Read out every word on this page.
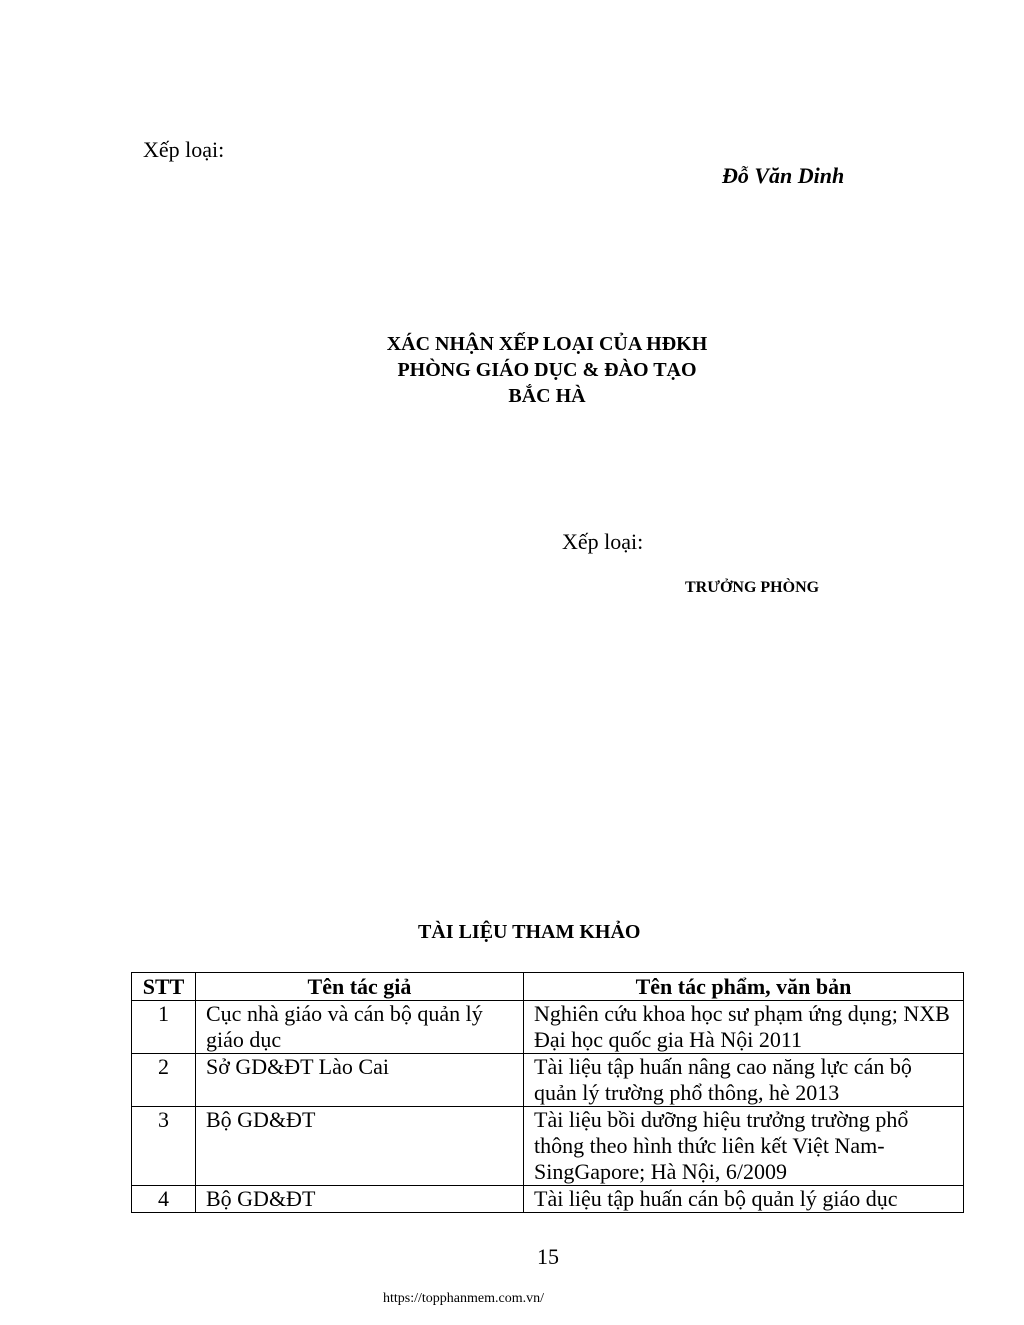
Xếp loại:
Đỗ Văn Dinh
XÁC NHẬN XẾP LOẠI CỦA HĐKH
PHÒNG GIÁO DỤC & ĐÀO TẠO
BẮC HÀ
Xếp loại:
TRƯỞNG PHÒNG
TÀI LIỆU THAM KHẢO
STT	Tên tác giả	Tên tác phẩm, văn bản
1	Cục nhà giáo và cán bộ quản lý giáo dục	Nghiên cứu khoa học sư phạm ứng dụng; NXB Đại học quốc gia Hà Nội 2011
2	Sở GD&ĐT Lào Cai	Tài liệu tập huấn nâng cao năng lực cán bộ quản lý trường phổ thông, hè 2013
3	Bộ GD&ĐT	Tài liệu bồi dưỡng hiệu trưởng trường phổ thông theo hình thức liên kết Việt Nam-SingGapore; Hà Nội, 6/2009
4	Bộ GD&ĐT	Tài liệu tập huấn cán bộ quản lý giáo dục
15
https://topphanmem.com.vn/
